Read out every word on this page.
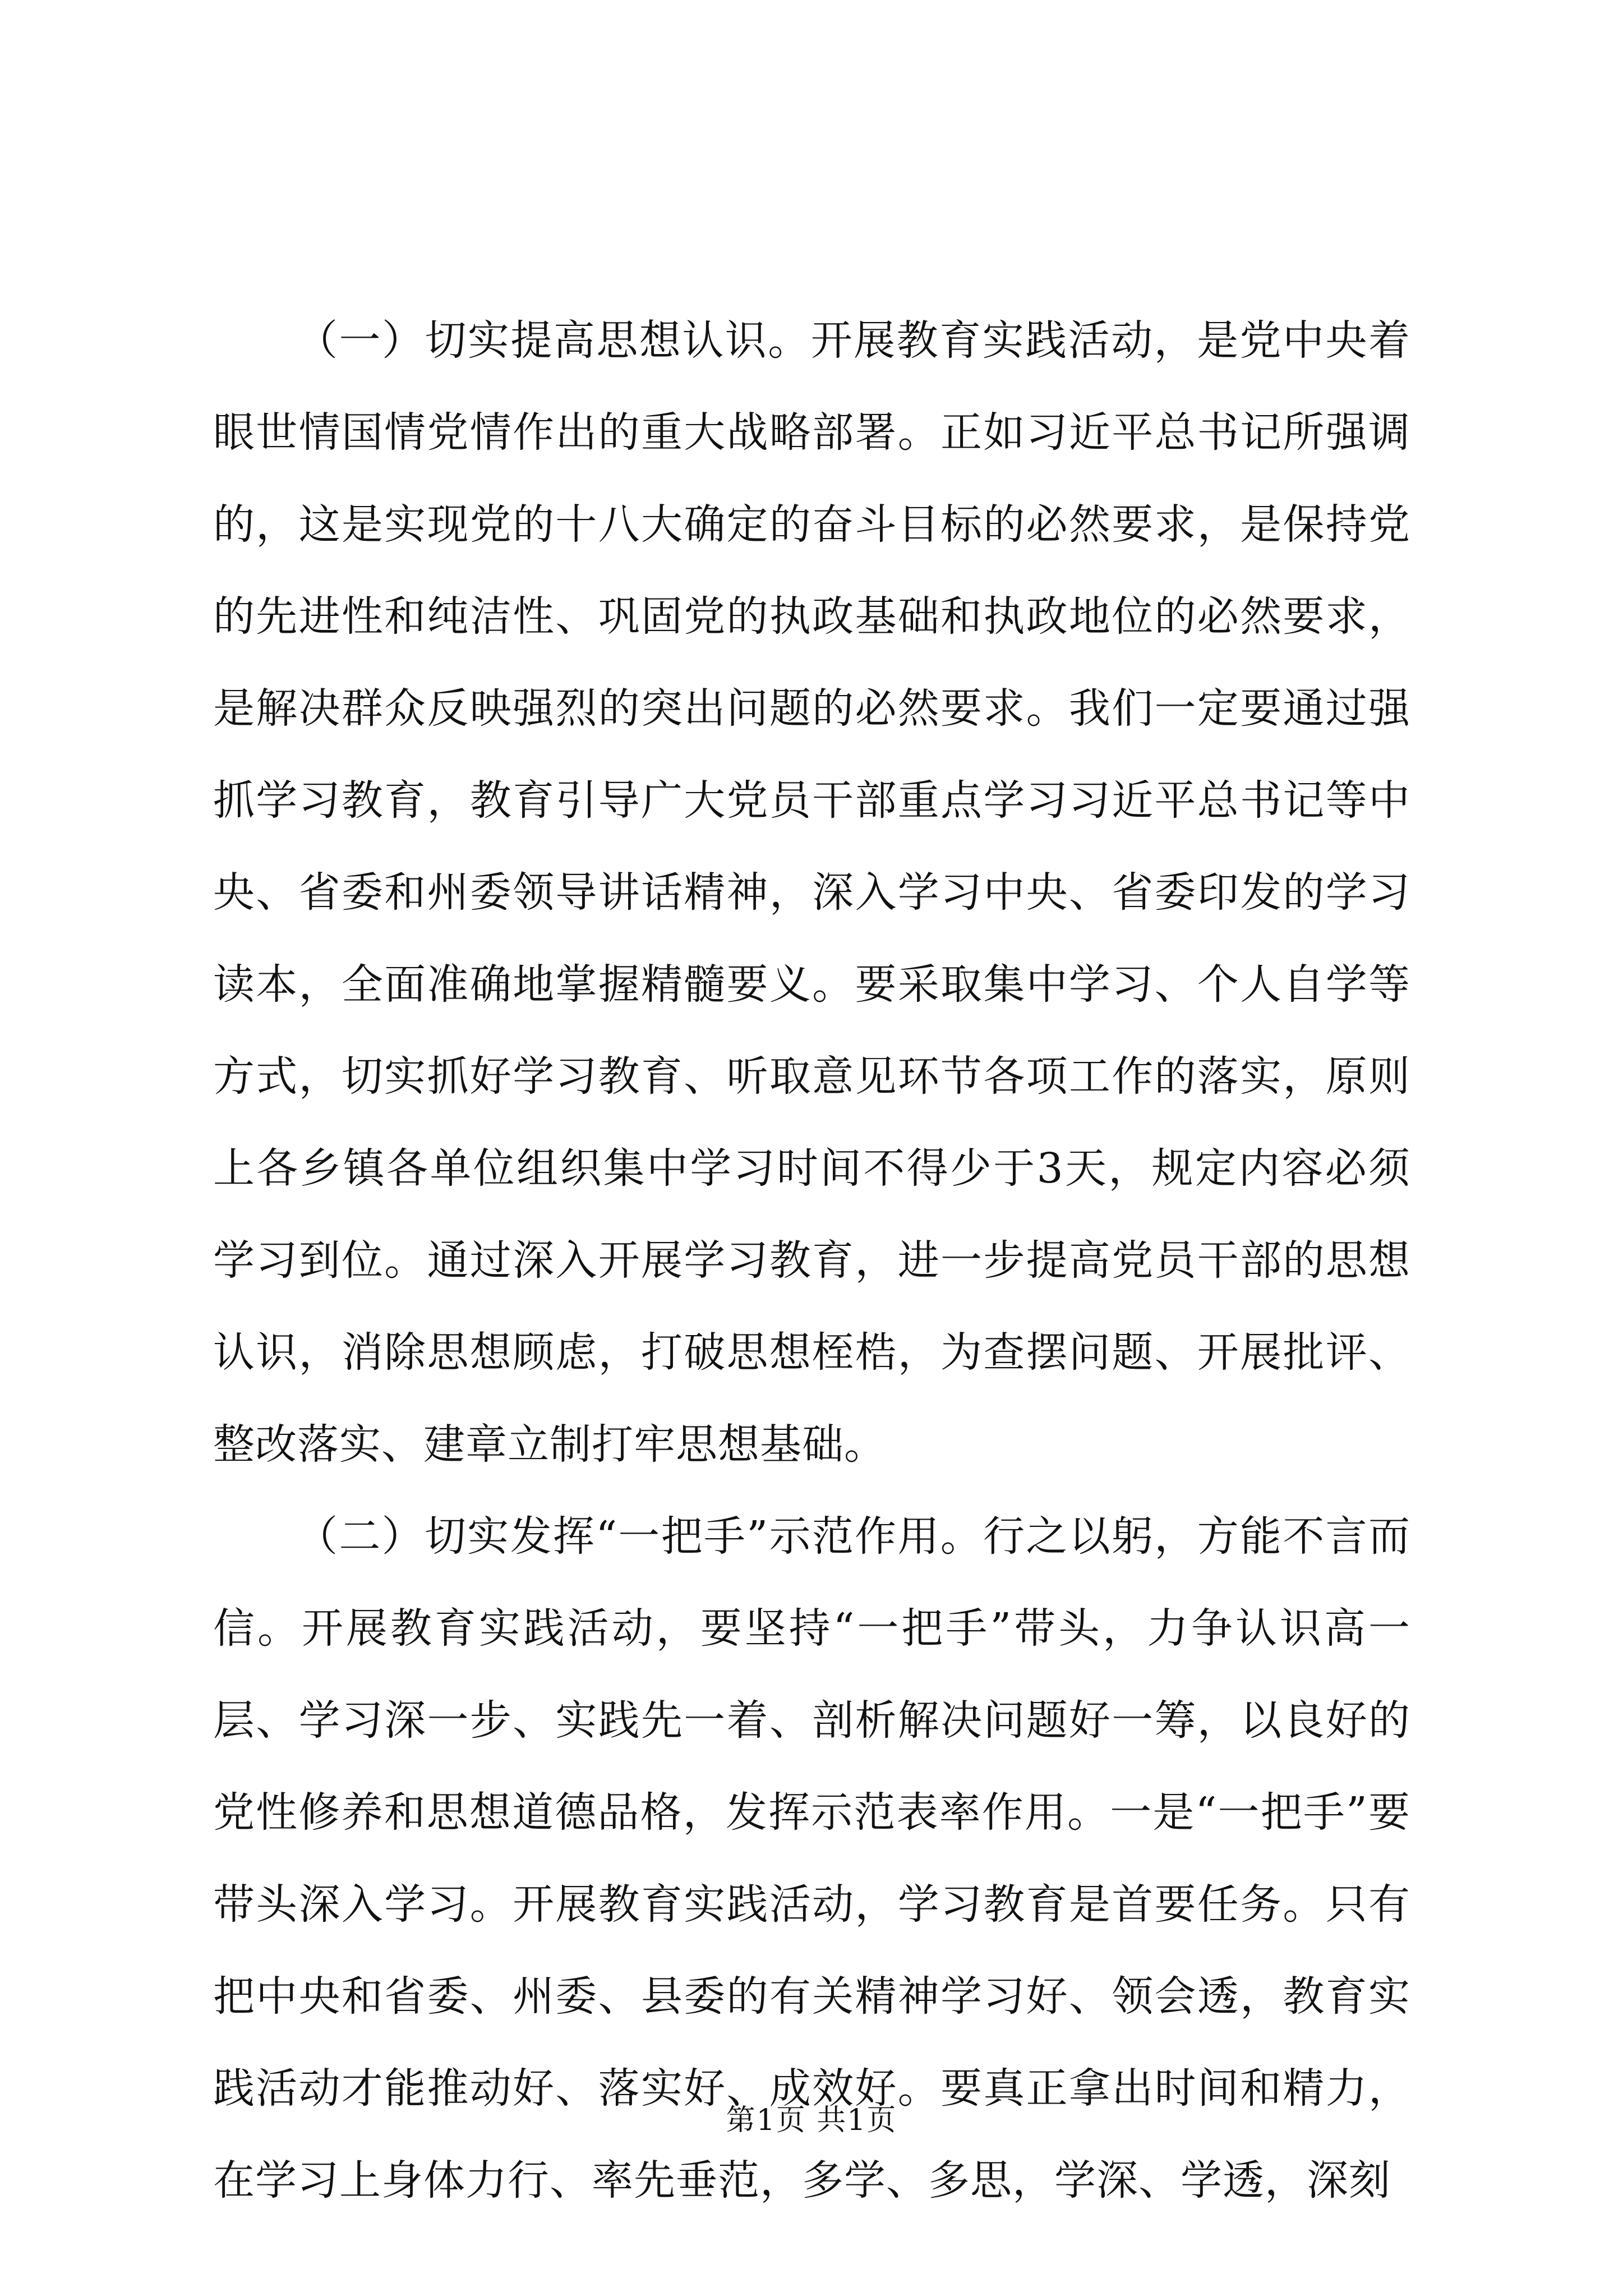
（一）切实提高思想认识。开展教育实践活动，是党中央着眼世情国情党情作出的重大战略部署。正如习近平总书记所强调的，这是实现党的十八大确定的奋斗目标的必然要求，是保持党的先进性和纯洁性、巩固党的执政基础和执政地位的必然要求，是解决群众反映强烈的突出问题的必然要求。我们一定要通过强抓学习教育，教育引导广大党员干部重点学习习近平总书记等中央、省委和州委领导讲话精神，深入学习中央、省委印发的学习读本，全面准确地掌握精髓要义。要采取集中学习、个人自学等方式，切实抓好学习教育、听取意见环节各项工作的落实，原则上各乡镇各单位组织集中学习时间不得少于3天，规定内容必须学习到位。通过深入开展学习教育，进一步提高党员干部的思想认识，消除思想顾虑，打破思想桎梏，为查摆问题、开展批评、整改落实、建章立制打牢思想基础。

（二）切实发挥“一把手”示范作用。行之以躬，方能不言而信。开展教育实践活动，要坚持“一把手”带头，力争认识高一层、学习深一步、实践先一着、剖析解决问题好一筹，以良好的党性修养和思想道德品格，发挥示范表率作用。一是“一把手”要带头深入学习。开展教育实践活动，学习教育是首要任务。只有把中央和省委、州委、县委的有关精神学习好、领会透，教育实践活动才能推动好、落实好、成效好。要真正拿出时间和精力，在学习上身体力行、率先垂范，多学、多思，学深、学透，深刻

第1页 共1页
